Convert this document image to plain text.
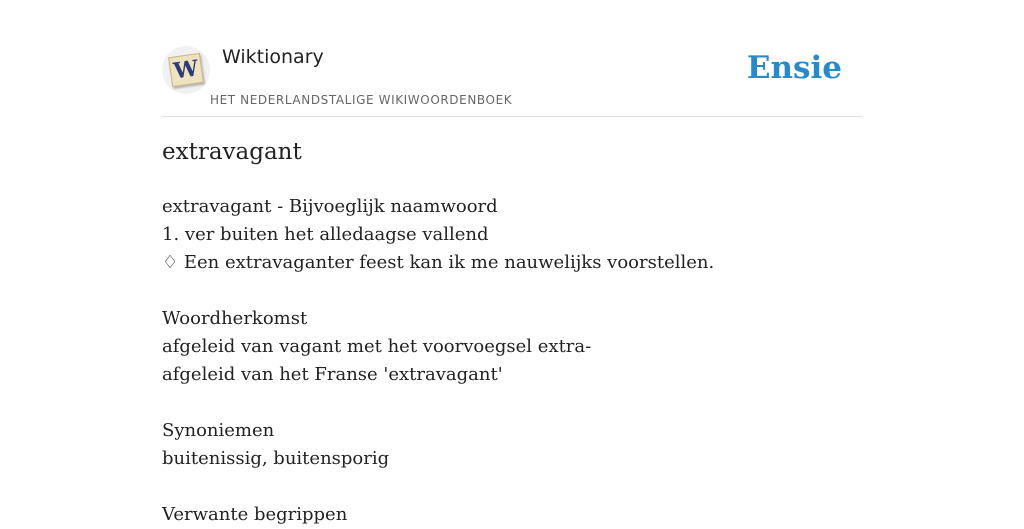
W Wiktionary
HET NEDERLANDSTALIGE WIKIWOORDENBOEK
Ensie
extravagant
extravagant - Bijvoeglijk naamwoord
1. ver buiten het alledaagse vallend
♢ Een extravaganter feest kan ik me nauwelijks voorstellen.
Woordherkomst
afgeleid van vagant met het voorvoegsel extra-
afgeleid van het Franse 'extravagant'
Synoniemen
buitenissig, buitensporig
Verwante begrippen
